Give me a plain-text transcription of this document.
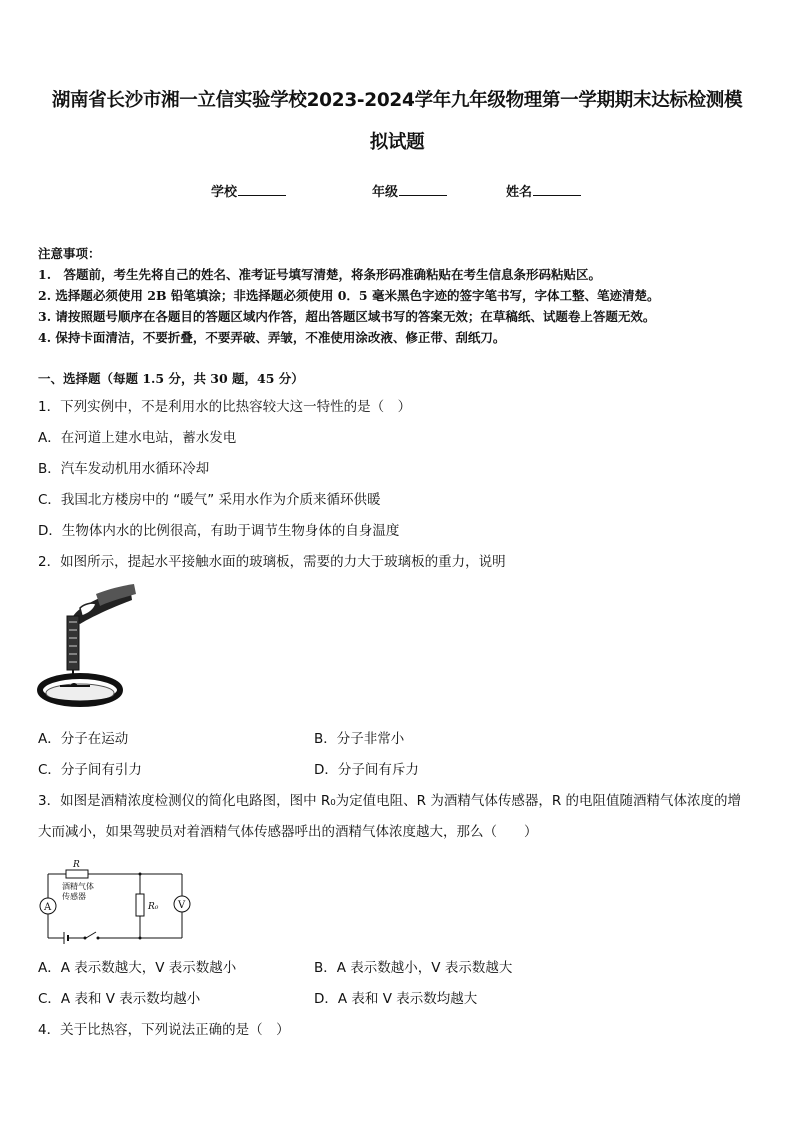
湖南省长沙市湘一立信实验学校2023-2024学年九年级物理第一学期期末达标检测模
拟试题
学校	年级	姓名
注意事项：
1.　答题前，考生先将自己的姓名、准考证号填写清楚，将条形码准确粘贴在考生信息条形码粘贴区。
2. 选择题必须使用 2B 铅笔填涂；非选择题必须使用 0．5 毫米黑色字迹的签字笔书写，字体工整、笔迹清楚。
3. 请按照题号顺序在各题目的答题区域内作答，超出答题区域书写的答案无效；在草稿纸、试题卷上答题无效。
4. 保持卡面清洁，不要折叠，不要弄破、弄皱，不准使用涂改液、修正带、刮纸刀。
一、选择题（每题 1.5 分，共 30 题，45 分）
1．下列实例中，不是利用水的比热容较大这一特性的是（　）
A．在河道上建水电站，蓄水发电
B．汽车发动机用水循环冷却
C．我国北方楼房中的 “暖气” 采用水作为介质来循环供暖
D．生物体内水的比例很高，有助于调节生物身体的自身温度
2．如图所示，提起水平接触水面的玻璃板，需要的力大于玻璃板的重力，说明
A．分子在运动	B．分子非常小
C．分子间有引力	D．分子间有斥力
3．如图是酒精浓度检测仪的简化电路图，图中 R₀为定值电阻、R 为酒精气体传感器，R 的电阻值随酒精气体浓度的增
大而减小，如果驾驶员对着酒精气体传感器呼出的酒精气体浓度越大，那么（　　）
R
酒精气体
传感器
A	R₀ V
A．A 表示数越大，V 表示数越小	B．A 表示数越小，V 表示数越大
C．A 表和 V 表示数均越小	D．A 表和 V 表示数均越大
4．关于比热容，下列说法正确的是（　）
